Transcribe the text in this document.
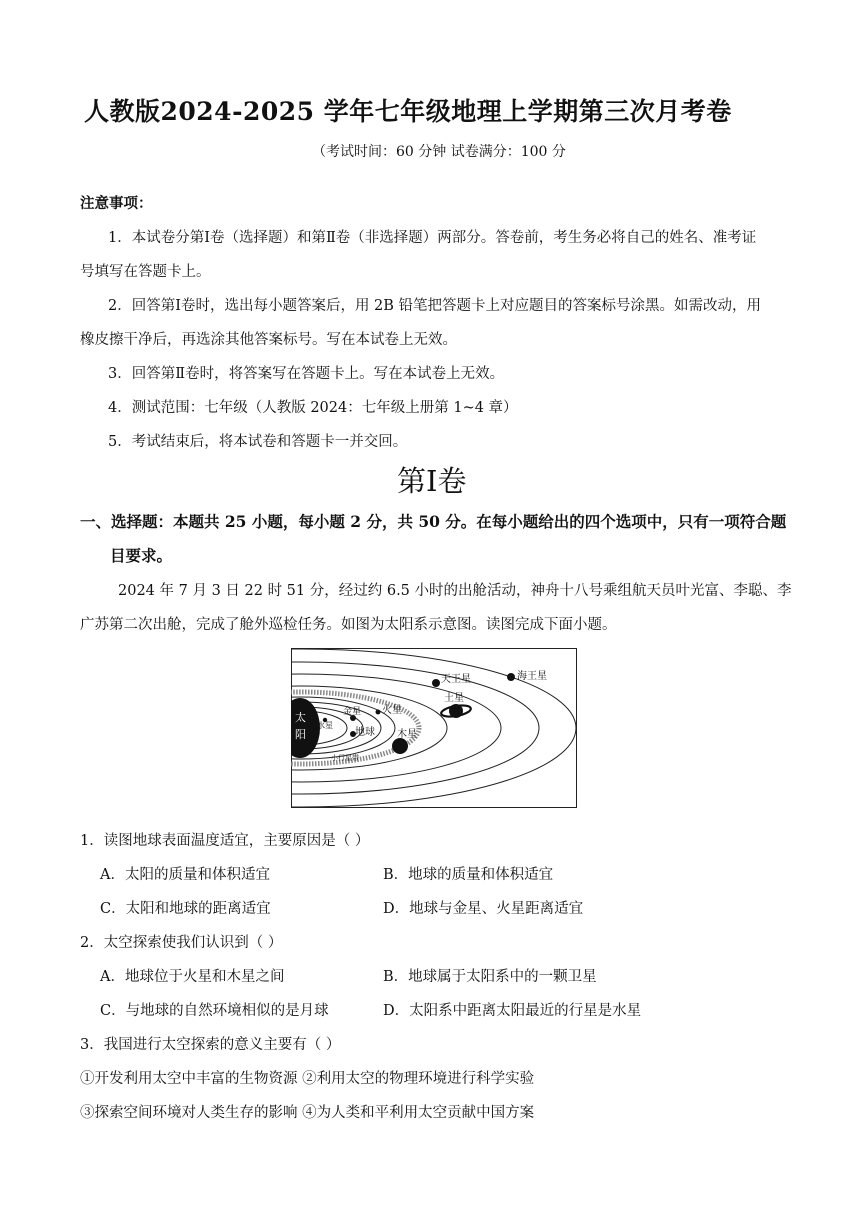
人教版2024-2025 学年七年级地理上学期第三次月考卷
（考试时间：60 分钟 试卷满分：100 分
注意事项：
1．本试卷分第Ⅰ卷（选择题）和第Ⅱ卷（非选择题）两部分。答卷前，考生务必将自己的姓名、准考证
号填写在答题卡上。
2．回答第Ⅰ卷时，选出每小题答案后，用 2B 铅笔把答题卡上对应题目的答案标号涂黑。如需改动，用
橡皮擦干净后，再选涂其他答案标号。写在本试卷上无效。
3．回答第Ⅱ卷时，将答案写在答题卡上。写在本试卷上无效。
4．测试范围：七年级（人教版 2024：七年级上册第 1~4 章）
5．考试结束后，将本试卷和答题卡一并交回。
第Ⅰ卷
一、选择题：本题共 25 小题，每小题 2 分，共 50 分。在每小题给出的四个选项中，只有一项符合题
目要求。
2024 年 7 月 3 日 22 时 51 分，经过约 6.5 小时的出舱活动，神舟十八号乘组航天员叶光富、李聪、李
广苏第二次出舱，完成了舱外巡检任务。如图为太阳系示意图。读图完成下面小题。
太
阳
水星
金星
地球
火星
木星
小行星带
土星
天王星	海王星
1．读图地球表面温度适宜，主要原因是（ ）
A．太阳的质量和体积适宜	B．地球的质量和体积适宜
C．太阳和地球的距离适宜	D．地球与金星、火星距离适宜
2．太空探索使我们认识到（ ）
A．地球位于火星和木星之间	B．地球属于太阳系中的一颗卫星
C．与地球的自然环境相似的是月球	D．太阳系中距离太阳最近的行星是水星
3．我国进行太空探索的意义主要有（ ）
①开发利用太空中丰富的生物资源 ②利用太空的物理环境进行科学实验
③探索空间环境对人类生存的影响 ④为人类和平利用太空贡献中国方案
